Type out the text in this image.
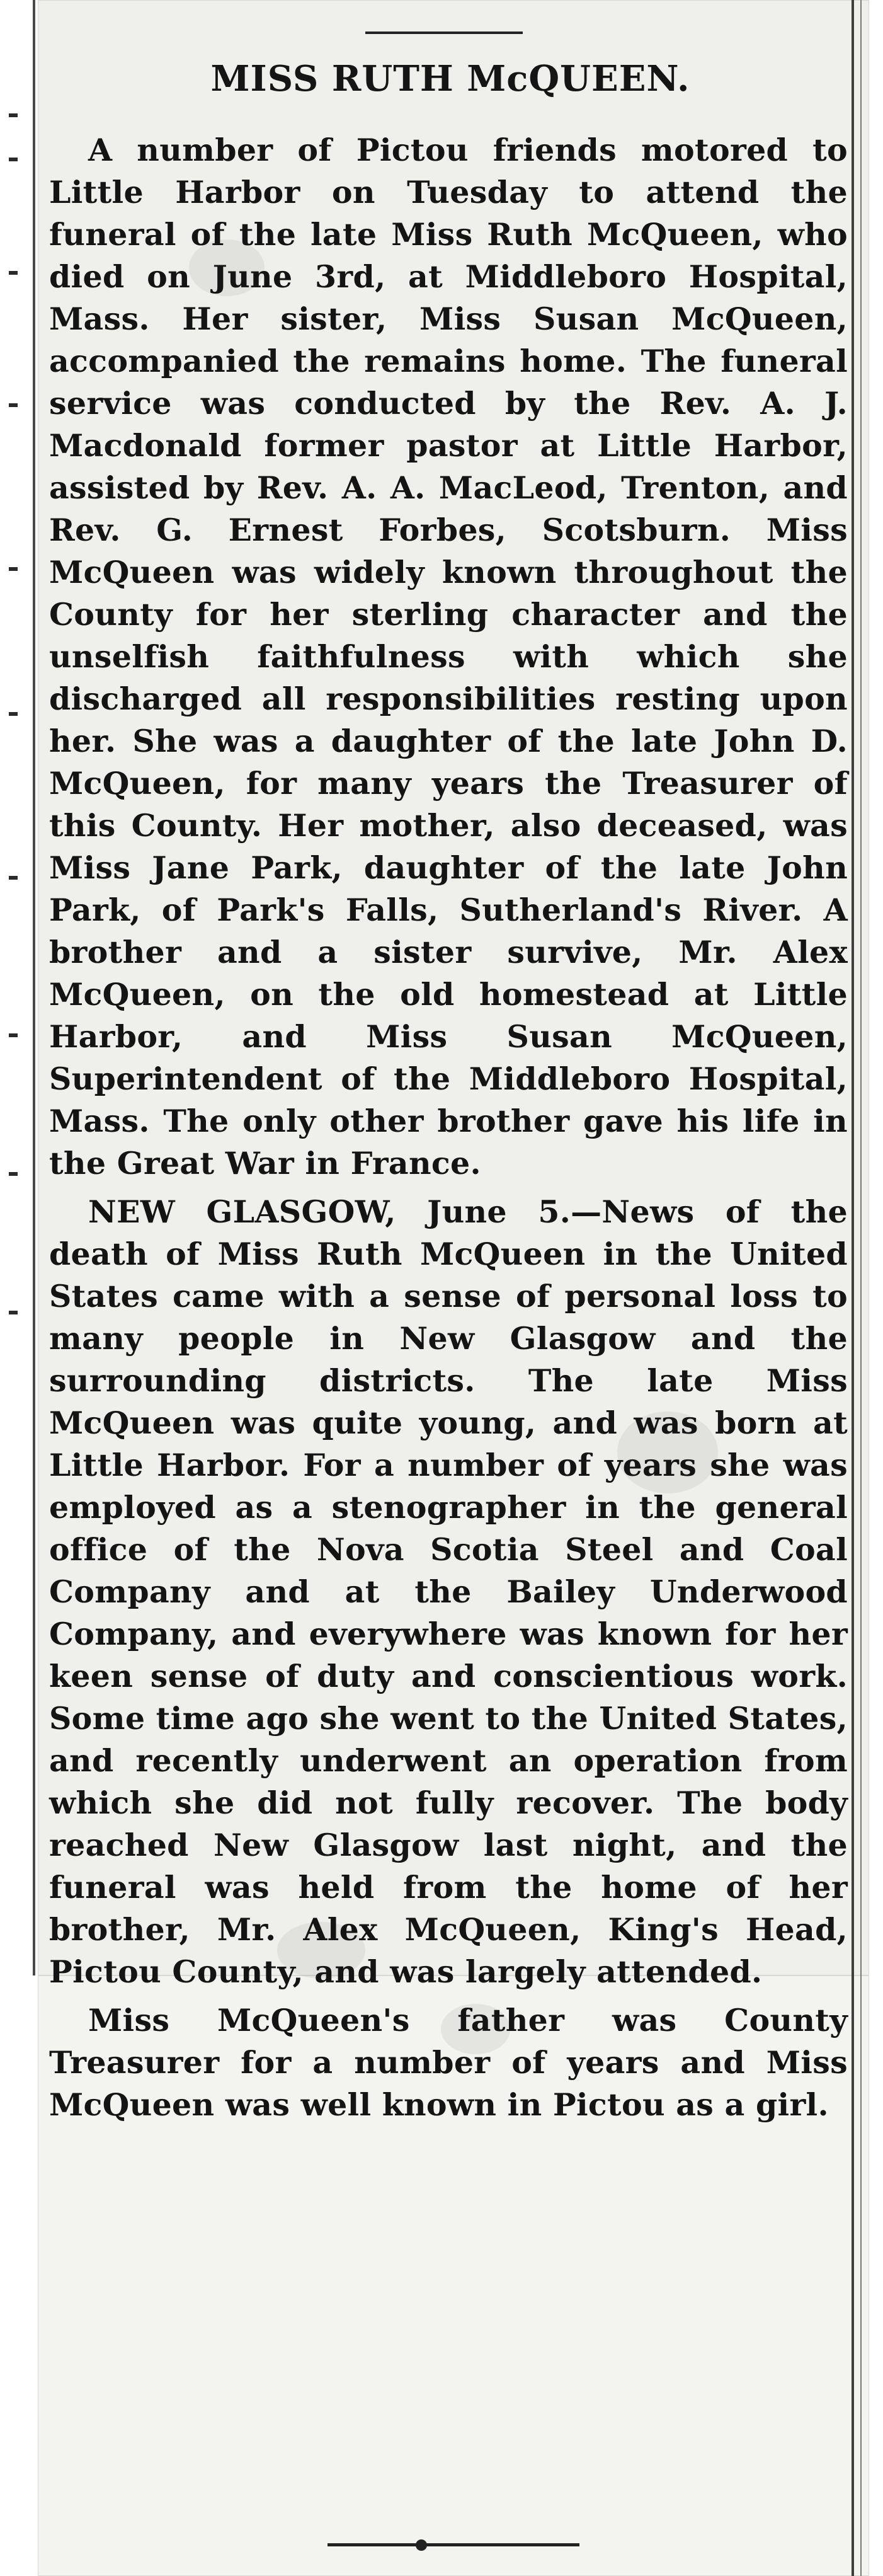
MISS RUTH McQUEEN.

A number of Pictou friends motored to Little Harbor on Tuesday to attend the funeral of the late Miss Ruth McQueen, who died on June 3rd, at Middleboro Hospital, Mass. Her sister, Miss Susan McQueen, accompanied the remains home. The funeral service was conducted by the Rev. A. J. Macdonald former pastor at Little Harbor, assisted by Rev. A. A. MacLeod, Trenton, and Rev. G. Ernest Forbes, Scotsburn. Miss McQueen was widely known throughout the County for her sterling character and the unselfish faithfulness with which she discharged all responsibilities resting upon her. She was a daughter of the late John D. McQueen, for many years the Treasurer of this County. Her mother, also deceased, was Miss Jane Park, daughter of the late John Park, of Park's Falls, Sutherland's River. A brother and a sister survive, Mr. Alex McQueen, on the old homestead at Little Harbor, and Miss Susan McQueen, Superintendent of the Middleboro Hospital, Mass. The only other brother gave his life in the Great War in France.

NEW GLASGOW, June 5.—News of the death of Miss Ruth McQueen in the United States came with a sense of personal loss to many people in New Glasgow and the surrounding districts. The late Miss McQueen was quite young, and was born at Little Harbor. For a number of years she was employed as a stenographer in the general office of the Nova Scotia Steel and Coal Company and at the Bailey Underwood Company, and everywhere was known for her keen sense of duty and conscientious work. Some time ago she went to the United States, and recently underwent an operation from which she did not fully recover. The body reached New Glasgow last night, and the funeral was held from the home of her brother, Mr. Alex McQueen, King's Head, Pictou County, and was largely attended.

Miss McQueen's father was County Treasurer for a number of years and Miss McQueen was well known in Pictou as a girl.
